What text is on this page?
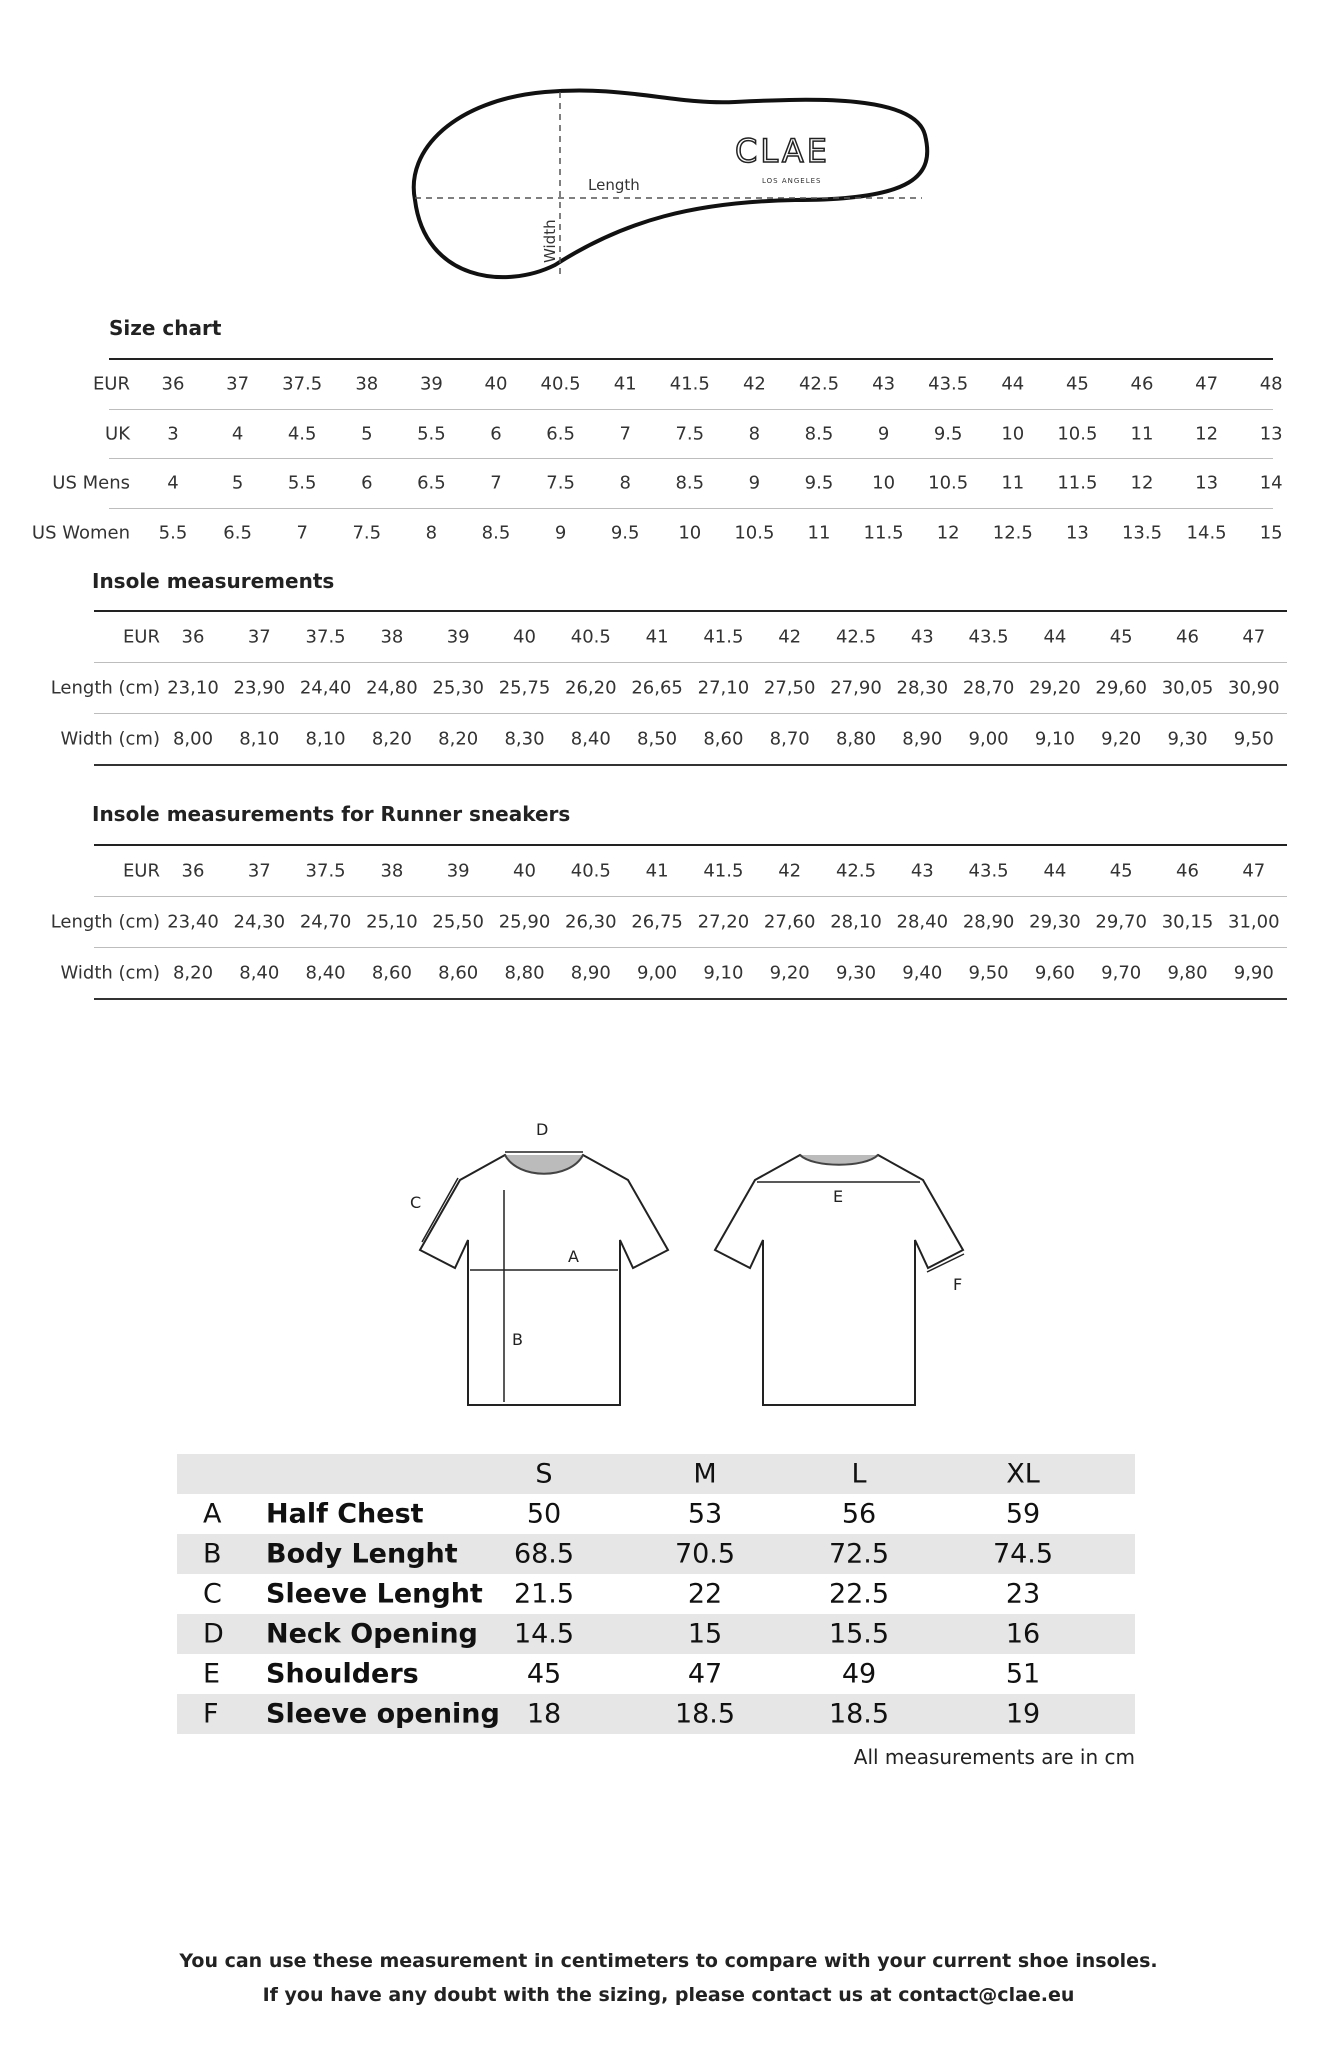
Length
Width
CLAE
LOS ANGELES
Size chart
EUR	36	37	37.5	38	39	40	40.5	41	41.5	42	42.5	43	43.5	44	45	46	47	48
UK	3	4	4.5	5	5.5	6	6.5	7	7.5	8	8.5	9	9.5	10	10.5	11	12	13
US Mens	4	5	5.5	6	6.5	7	7.5	8	8.5	9	9.5	10	10.5	11	11.5	12	13	14
US Women	5.5	6.5	7	7.5	8	8.5	9	9.5	10	10.5	11	11.5	12	12.5	13	13.5	14.5	15
Insole measurements
EUR	36	37	37.5	38	39	40	40.5	41	41.5	42	42.5	43	43.5	44	45	46	47
Length (cm) 23,10 23,90 24,40 24,80 25,30 25,75 26,20 26,65 27,10 27,50 27,90 28,30 28,70 29,20 29,60 30,05 30,90
Width (cm) 8,00	8,10	8,10	8,20	8,20	8,30	8,40	8,50	8,60	8,70	8,80	8,90	9,00	9,10	9,20	9,30	9,50
Insole measurements for Runner sneakers
EUR	36	37	37.5	38	39	40	40.5	41	41.5	42	42.5	43	43.5	44	45	46	47
Length (cm) 23,40 24,30 24,70 25,10 25,50 25,90 26,30 26,75 27,20 27,60 28,10 28,40 28,90 29,30 29,70 30,15 31,00
Width (cm) 8,20	8,40	8,40	8,60	8,60	8,80	8,90	9,00	9,10	9,20	9,30	9,40	9,50	9,60	9,70	9,80	9,90
D
A
B
C	E
F
S	M	L	XL
A Half Chest	50	53	56	59
B Body Lenght	68.5	70.5	72.5	74.5
C Sleeve Lenght	21.5	22	22.5	23
D Neck Opening	14.5	15	15.5	16
E Shoulders	45	47	49	51
F Sleeve opening 18	18.5	18.5	19
All measurements are in cm
You can use these measurement in centimeters to compare with your current shoe insoles.
If you have any doubt with the sizing, please contact us at contact@clae.eu
